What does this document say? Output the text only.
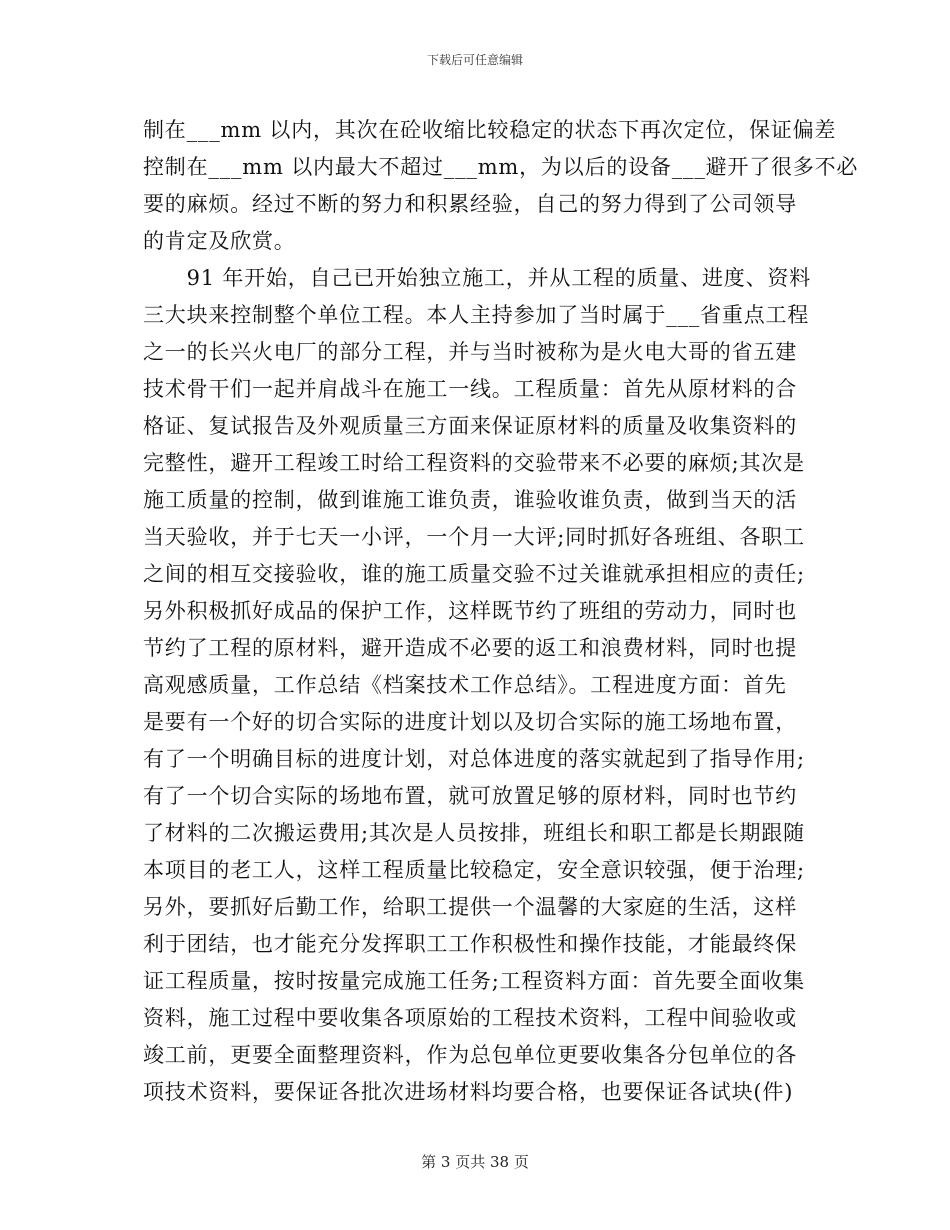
下载后可任意编辑
制在___mm 以内，其次在砼收缩比较稳定的状态下再次定位，保证偏差
控制在___mm 以内最大不超过___mm，为以后的设备___避开了很多不必
要的麻烦。经过不断的努力和积累经验，自己的努力得到了公司领导
的肯定及欣赏。
　　91 年开始，自己已开始独立施工，并从工程的质量、进度、资料
三大块来控制整个单位工程。本人主持参加了当时属于___省重点工程
之一的长兴火电厂的部分工程，并与当时被称为是火电大哥的省五建
技术骨干们一起并肩战斗在施工一线。工程质量：首先从原材料的合
格证、复试报告及外观质量三方面来保证原材料的质量及收集资料的
完整性，避开工程竣工时给工程资料的交验带来不必要的麻烦;其次是
施工质量的控制，做到谁施工谁负责，谁验收谁负责，做到当天的活
当天验收，并于七天一小评，一个月一大评;同时抓好各班组、各职工
之间的相互交接验收，谁的施工质量交验不过关谁就承担相应的责任;
另外积极抓好成品的保护工作，这样既节约了班组的劳动力，同时也
节约了工程的原材料，避开造成不必要的返工和浪费材料，同时也提
高观感质量，工作总结《档案技术工作总结》。工程进度方面：首先
是要有一个好的切合实际的进度计划以及切合实际的施工场地布置，
有了一个明确目标的进度计划，对总体进度的落实就起到了指导作用;
有了一个切合实际的场地布置，就可放置足够的原材料，同时也节约
了材料的二次搬运费用;其次是人员按排，班组长和职工都是长期跟随
本项目的老工人，这样工程质量比较稳定，安全意识较强，便于治理;
另外，要抓好后勤工作，给职工提供一个温馨的大家庭的生活，这样
利于团结，也才能充分发挥职工工作积极性和操作技能，才能最终保
证工程质量，按时按量完成施工任务;工程资料方面：首先要全面收集
资料，施工过程中要收集各项原始的工程技术资料，工程中间验收或
竣工前，更要全面整理资料，作为总包单位更要收集各分包单位的各
项技术资料，要保证各批次进场材料均要合格，也要保证各试块(件)
第 3 页共 38 页
